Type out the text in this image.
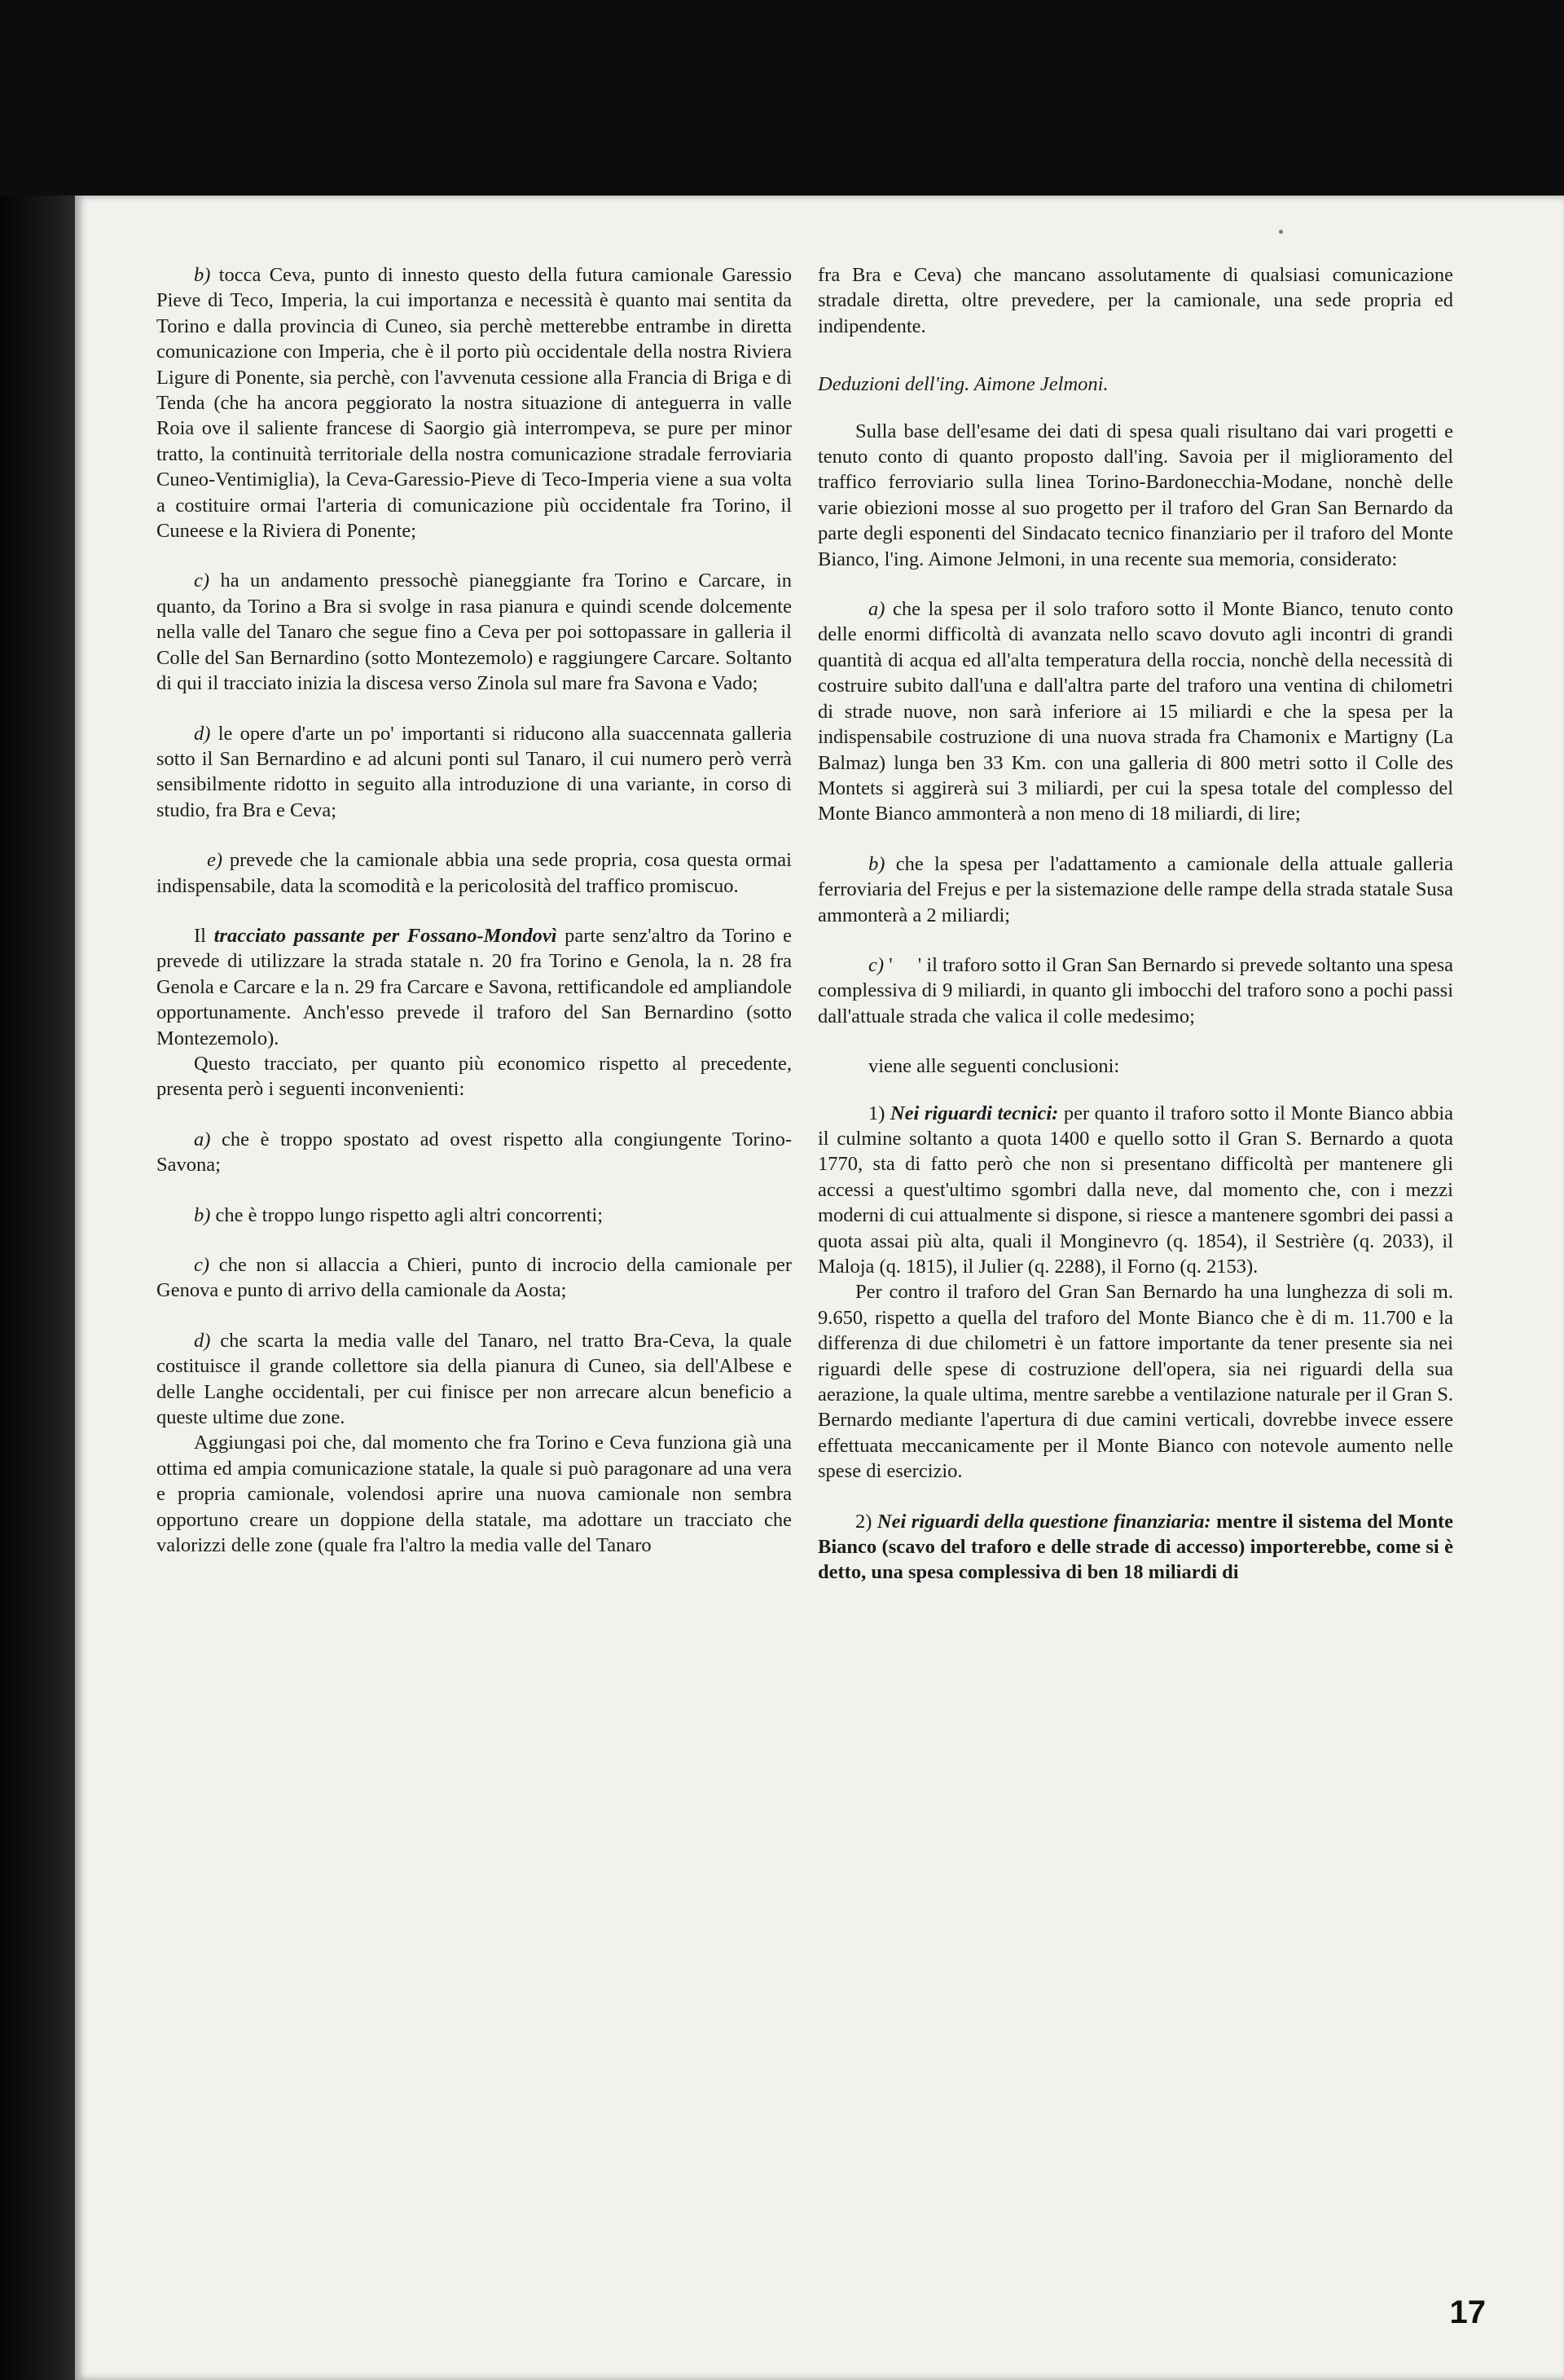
b) tocca Ceva, punto di innesto questo della futura camionale Garessio Pieve di Teco, Imperia, la cui importanza e necessità è quanto mai sentita da Torino e dalla provincia di Cuneo, sia perchè metterebbe entrambe in diretta comunicazione con Imperia, che è il porto più occidentale della nostra Riviera Ligure di Ponente, sia perchè, con l'avvenuta cessione alla Francia di Briga e di Tenda (che ha ancora peggiorato la nostra situazione di anteguerra in valle Roia ove il saliente francese di Saorgio già interrompeva, se pure per minor tratto, la continuità territoriale della nostra comunicazione stradale ferroviaria Cuneo-Ventimiglia), la Ceva-Garessio-Pieve di Teco-Imperia viene a sua volta a costituire ormai l'arteria di comunicazione più occidentale fra Torino, il Cuneese e la Riviera di Ponente;

c) ha un andamento pressochè pianeggiante fra Torino e Carcare, in quanto, da Torino a Bra si svolge in rasa pianura e quindi scende dolcemente nella valle del Tanaro che segue fino a Ceva per poi sottopassare in galleria il Colle del San Bernardino (sotto Montezemolo) e raggiungere Carcare. Soltanto di qui il tracciato inizia la discesa verso Zinola sul mare fra Savona e Vado;

d) le opere d'arte un po' importanti si riducono alla suaccennata galleria sotto il San Bernardino e ad alcuni ponti sul Tanaro, il cui numero però verrà sensibilmente ridotto in seguito alla introduzione di una variante, in corso di studio, fra Bra e Ceva;

e) prevede che la camionale abbia una sede propria, cosa questa ormai indispensabile, data la scomodità e la pericolosità del traffico promiscuo.

Il tracciato passante per Fossano-Mondovì parte senz'altro da Torino e prevede di utilizzare la strada statale n. 20 fra Torino e Genola, la n. 28 fra Genola e Carcare e la n. 29 fra Carcare e Savona, rettificandole ed ampliandole opportunamente. Anch'esso prevede il traforo del San Bernardino (sotto Montezemolo).

Questo tracciato, per quanto più economico rispetto al precedente, presenta però i seguenti inconvenienti:

a) che è troppo spostato ad ovest rispetto alla congiungente Torino-Savona;

b) che è troppo lungo rispetto agli altri concorrenti;

c) che non si allaccia a Chieri, punto di incrocio della camionale per Genova e punto di arrivo della camionale da Aosta;

d) che scarta la media valle del Tanaro, nel tratto Bra-Ceva, la quale costituisce il grande collettore sia della pianura di Cuneo, sia dell'Albese e delle Langhe occidentali, per cui finisce per non arrecare alcun beneficio a queste ultime due zone.

Aggiungasi poi che, dal momento che fra Torino e Ceva funziona già una ottima ed ampia comunicazione statale, la quale si può paragonare ad una vera e propria camionale, volendosi aprire una nuova camionale non sembra opportuno creare un doppione della statale, ma adottare un tracciato che valorizzi delle zone (quale fra l'altro la media valle del Tanaro

fra Bra e Ceva) che mancano assolutamente di qualsiasi comunicazione stradale diretta, oltre prevedere, per la camionale, una sede propria ed indipendente.

Deduzioni dell'ing. Aimone Jelmoni.

Sulla base dell'esame dei dati di spesa quali risultano dai vari progetti e tenuto conto di quanto proposto dall'ing. Savoia per il miglioramento del traffico ferroviario sulla linea Torino-Bardonecchia-Modane, nonchè delle varie obiezioni mosse al suo progetto per il traforo del Gran San Bernardo da parte degli esponenti del Sindacato tecnico finanziario per il traforo del Monte Bianco, l'ing. Aimone Jelmoni, in una recente sua memoria, considerato:

a) che la spesa per il solo traforo sotto il Monte Bianco, tenuto conto delle enormi difficoltà di avanzata nello scavo dovuto agli incontri di grandi quantità di acqua ed all'alta temperatura della roccia, nonchè della necessità di costruire subito dall'una e dall'altra parte del traforo una ventina di chilometri di strade nuove, non sarà inferiore ai 15 miliardi e che la spesa per la indispensabile costruzione di una nuova strada fra Chamonix e Martigny (La Balmaz) lunga ben 33 Km. con una galleria di 800 metri sotto il Colle des Montets si aggirerà sui 3 miliardi, per cui la spesa totale del complesso del Monte Bianco ammonterà a non meno di 18 miliardi, di lire;

b) che la spesa per l'adattamento a camionale della attuale galleria ferroviaria del Frejus e per la sistemazione delle rampe della strada statale Susa ammonterà a 2 miliardi;

c) '     ' il traforo sotto il Gran San Bernardo si prevede soltanto una spesa complessiva di 9 miliardi, in quanto gli imbocchi del traforo sono a pochi passi dall'attuale strada che valica il colle medesimo;

viene alle seguenti conclusioni:

1) Nei riguardi tecnici: per quanto il traforo sotto il Monte Bianco abbia il culmine soltanto a quota 1400 e quello sotto il Gran S. Bernardo a quota 1770, sta di fatto però che non si presentano difficoltà per mantenere gli accessi a quest'ultimo sgombri dalla neve, dal momento che, con i mezzi moderni di cui attualmente si dispone, si riesce a mantenere sgombri dei passi a quota assai più alta, quali il Monginevro (q. 1854), il Sestrière (q. 2033), il Maloja (q. 1815), il Julier (q. 2288), il Forno (q. 2153).

Per contro il traforo del Gran San Bernardo ha una lunghezza di soli m. 9.650, rispetto a quella del traforo del Monte Bianco che è di m. 11.700 e la differenza di due chilometri è un fattore importante da tener presente sia nei riguardi delle spese di costruzione dell'opera, sia nei riguardi della sua aerazione, la quale ultima, mentre sarebbe a ventilazione naturale per il Gran S. Bernardo mediante l'apertura di due camini verticali, dovrebbe invece essere effettuata meccanicamente per il Monte Bianco con notevole aumento nelle spese di esercizio.

2) Nei riguardi della questione finanziaria: mentre il sistema del Monte Bianco (scavo del traforo e delle strade di accesso) importerebbe, come si è detto, una spesa complessiva di ben 18 miliardi di

17
